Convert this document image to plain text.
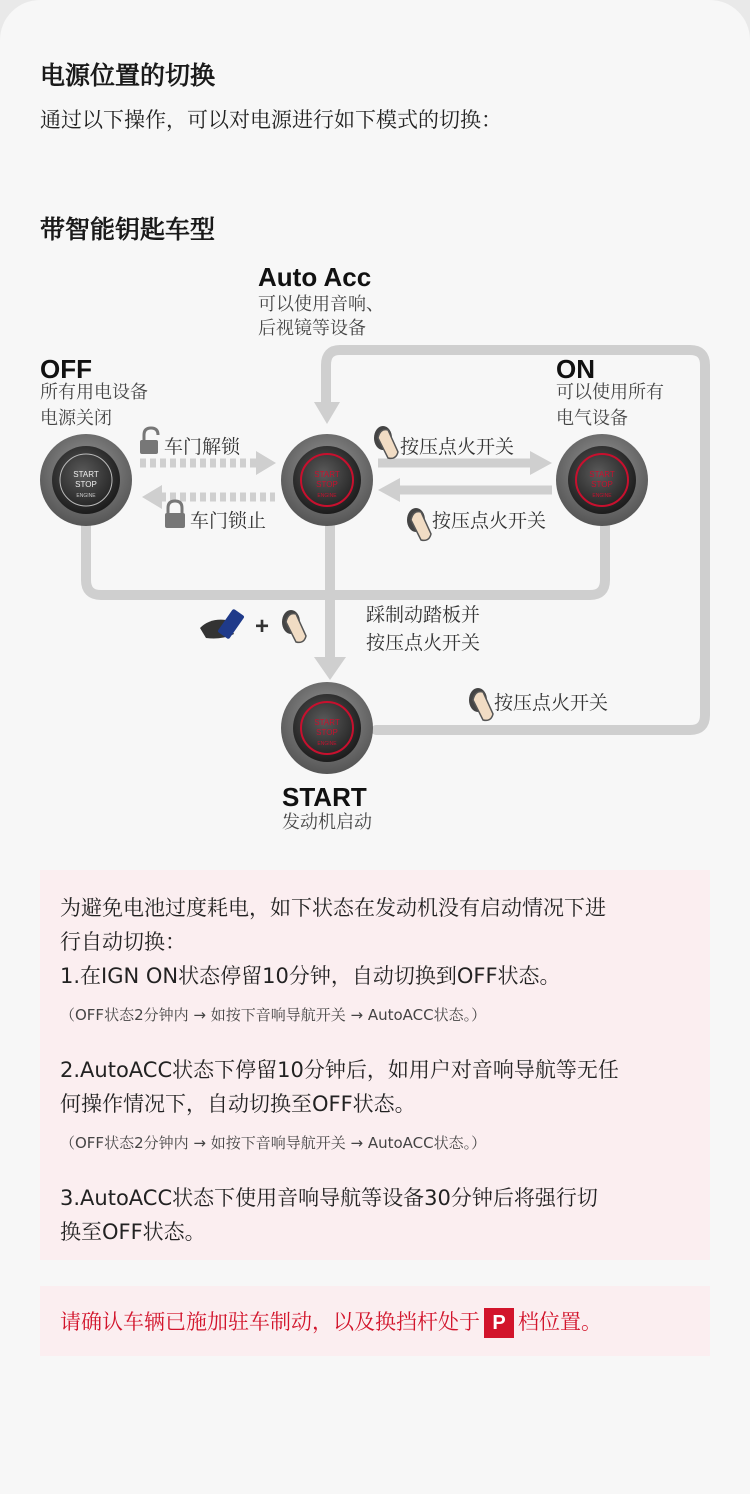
电源位置的切换
通过以下操作，可以对电源进行如下模式的切换：
带智能钥匙车型
START
STOP
ENGINE
START
STOP
ENGINE
START
STOP
ENGINE
START
STOP
ENGINE
+
Auto Acc
可以使用音响、
后视镜等设备
OFF
所有用电设备
电源关闭
ON
可以使用所有
电气设备
车门解锁
车门锁止
按压点火开关
按压点火开关
踩制动踏板并
按压点火开关
按压点火开关
START
发动机启动
为避免电池过度耗电，如下状态在发动机没有启动情况下进
行自动切换：
1.在IGN ON状态停留10分钟，自动切换到OFF状态。
（OFF状态2分钟内 → 如按下音响导航开关 → AutoACC状态。）
2.AutoACC状态下停留10分钟后，如用户对音响导航等无任
何操作情况下，自动切换至OFF状态。
（OFF状态2分钟内 → 如按下音响导航开关 → AutoACC状态。）
3.AutoACC状态下使用音响导航等设备30分钟后将强行切
换至OFF状态。
请确认车辆已施加驻车制动，以及换挡杆处于 P 档位置。
